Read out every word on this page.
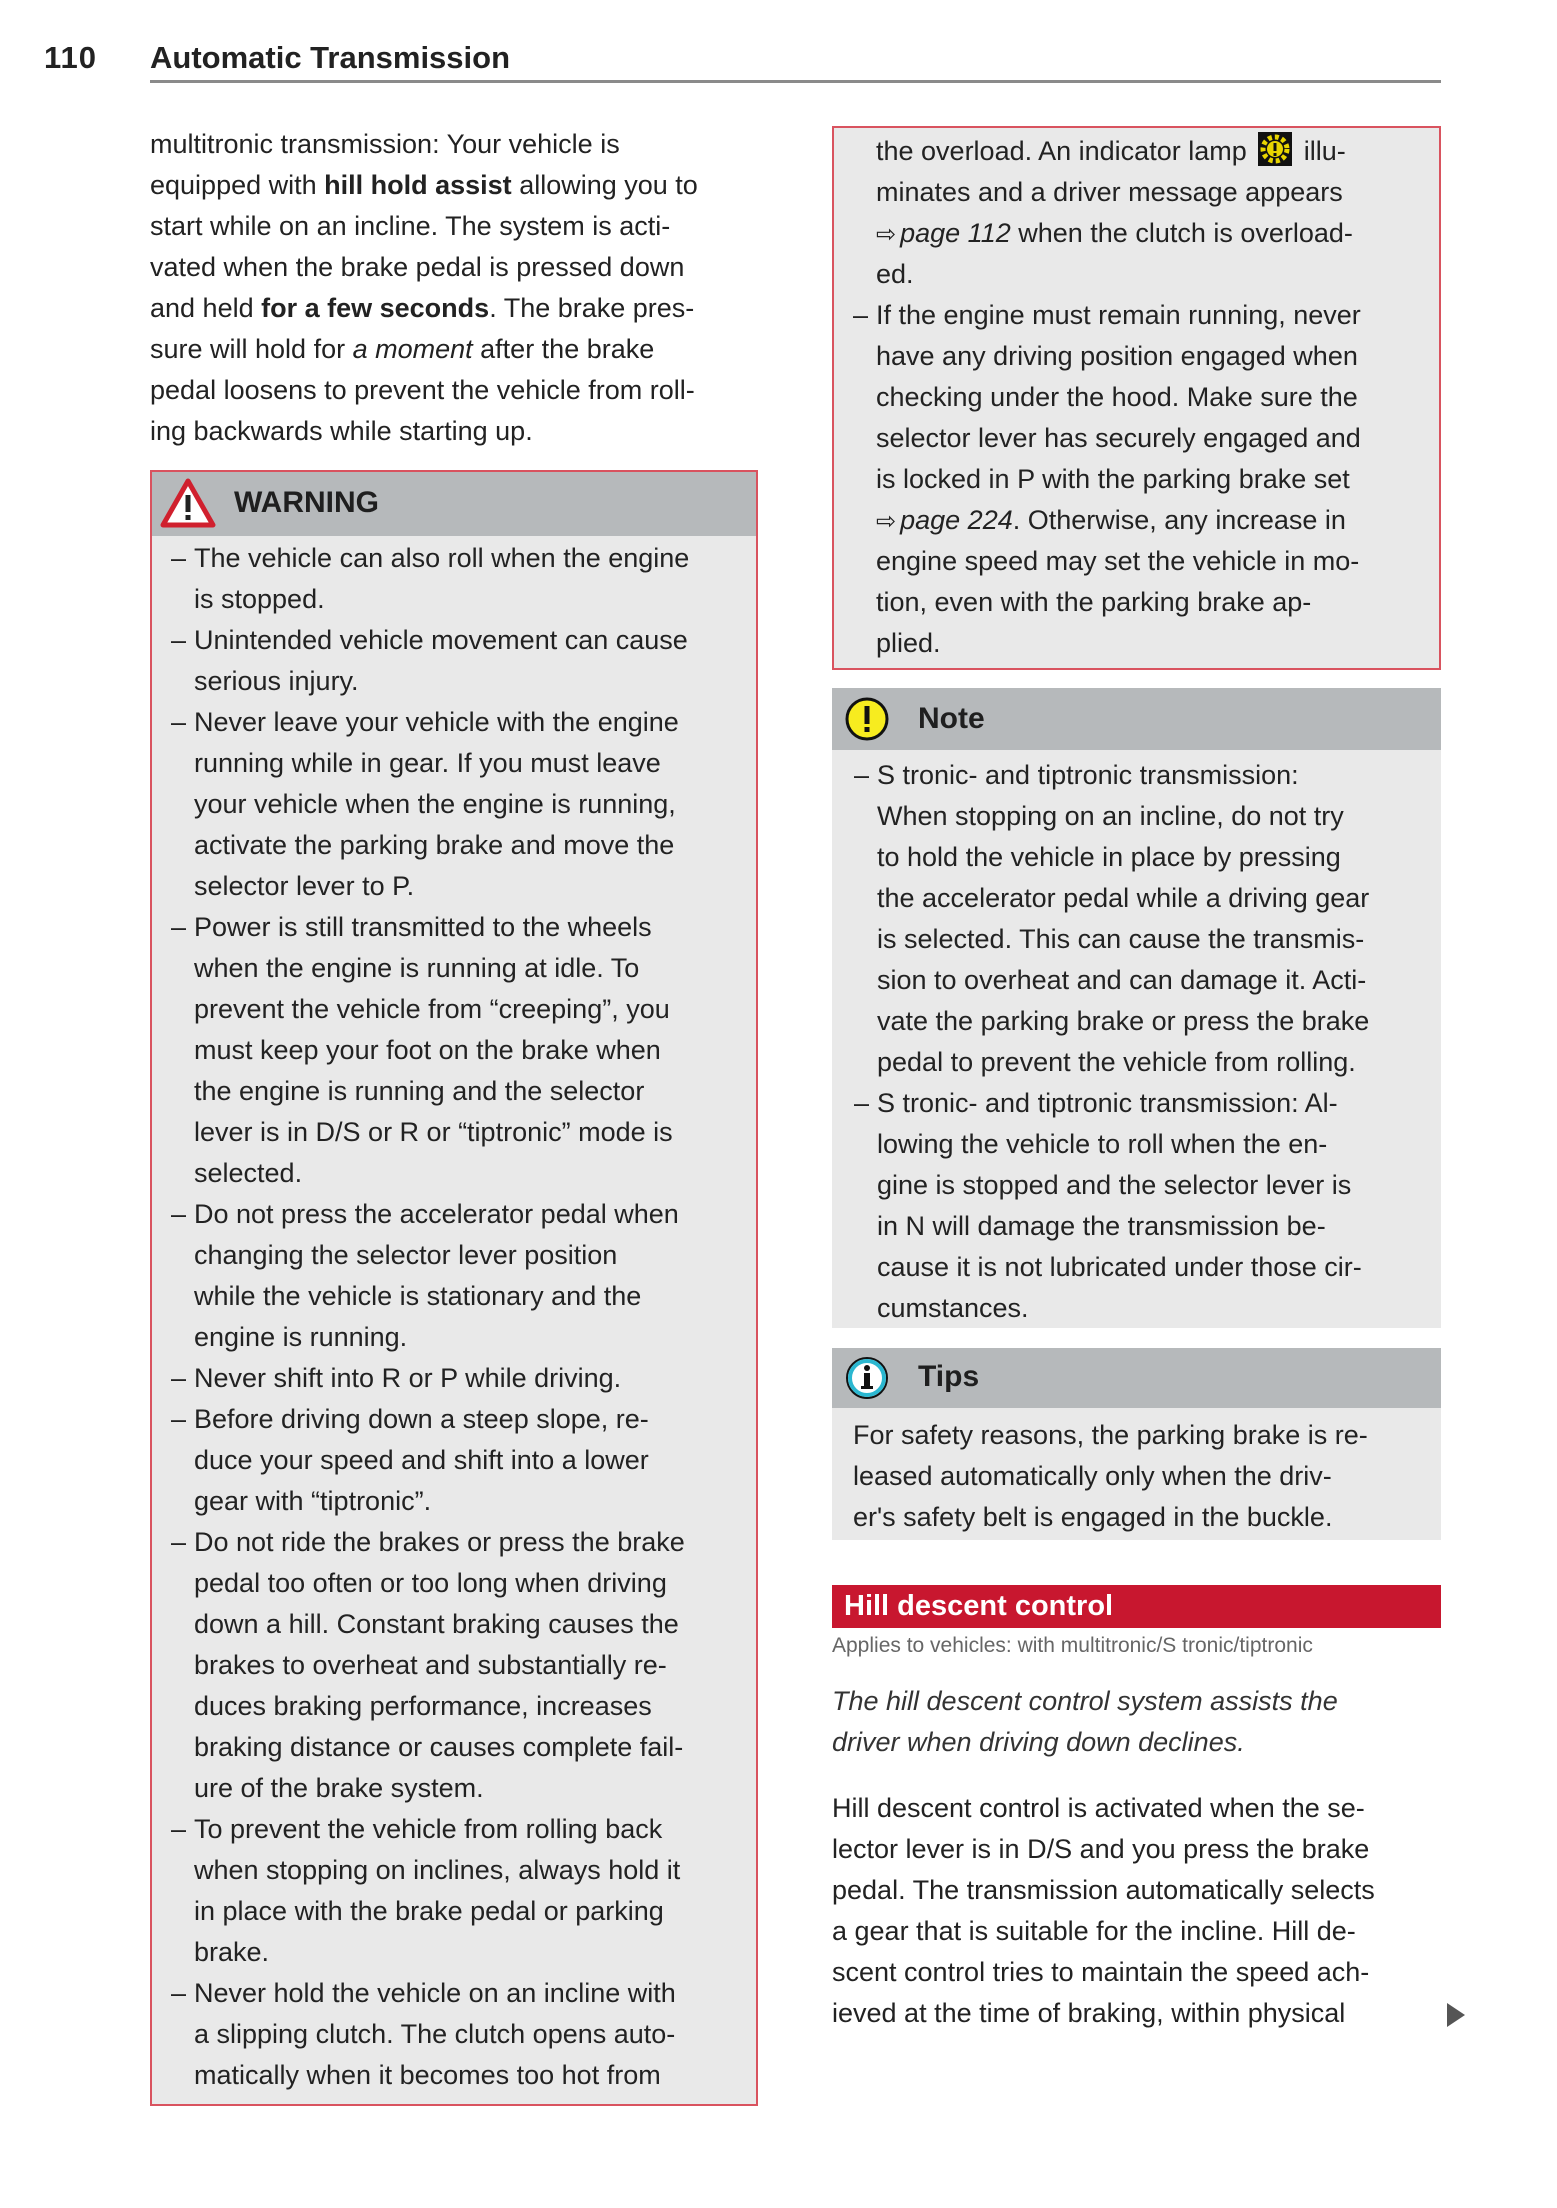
110 Automatic Transmission
multitronic transmission: Your vehicle is
equipped with hill hold assist allowing you to
start while on an incline. The system is acti-
vated when the brake pedal is pressed down
and held for a few seconds. The brake pres-
sure will hold for a moment after the brake
pedal loosens to prevent the vehicle from roll-
ing backwards while starting up.
WARNING
– The vehicle can also roll when the engine
is stopped.
– Unintended vehicle movement can cause
serious injury.
– Never leave your vehicle with the engine
running while in gear. If you must leave
your vehicle when the engine is running,
activate the parking brake and move the
selector lever to P.
– Power is still transmitted to the wheels
when the engine is running at idle. To
prevent the vehicle from “creeping”, you
must keep your foot on the brake when
the engine is running and the selector
lever is in D/S or R or “tiptronic” mode is
selected.
– Do not press the accelerator pedal when
changing the selector lever position
while the vehicle is stationary and the
engine is running.
– Never shift into R or P while driving.
– Before driving down a steep slope, re-
duce your speed and shift into a lower
gear with “tiptronic”.
– Do not ride the brakes or press the brake
pedal too often or too long when driving
down a hill. Constant braking causes the
brakes to overheat and substantially re-
duces braking performance, increases
braking distance or causes complete fail-
ure of the brake system.
– To prevent the vehicle from rolling back
when stopping on inclines, always hold it
in place with the brake pedal or parking
brake.
– Never hold the vehicle on an incline with
a slipping clutch. The clutch opens auto-
matically when it becomes too hot from
the overload. An indicator lamp  illu-
minates and a driver message appears
⇨ page 112 when the clutch is overload-
ed.
– If the engine must remain running, never
have any driving position engaged when
checking under the hood. Make sure the
selector lever has securely engaged and
is locked in P with the parking brake set
⇨ page 224. Otherwise, any increase in
engine speed may set the vehicle in mo-
tion, even with the parking brake ap-
plied.
Note
– S tronic- and tiptronic transmission:
When stopping on an incline, do not try
to hold the vehicle in place by pressing
the accelerator pedal while a driving gear
is selected. This can cause the transmis-
sion to overheat and can damage it. Acti-
vate the parking brake or press the brake
pedal to prevent the vehicle from rolling.
– S tronic- and tiptronic transmission: Al-
lowing the vehicle to roll when the en-
gine is stopped and the selector lever is
in N will damage the transmission be-
cause it is not lubricated under those cir-
cumstances.
Tips
For safety reasons, the parking brake is re-
leased automatically only when the driv-
er's safety belt is engaged in the buckle.
Hill descent control
Applies to vehicles: with multitronic/S tronic/tiptronic
The hill descent control system assists the
driver when driving down declines.
Hill descent control is activated when the se-
lector lever is in D/S and you press the brake
pedal. The transmission automatically selects
a gear that is suitable for the incline. Hill de-
scent control tries to maintain the speed ach-
ieved at the time of braking, within physical
